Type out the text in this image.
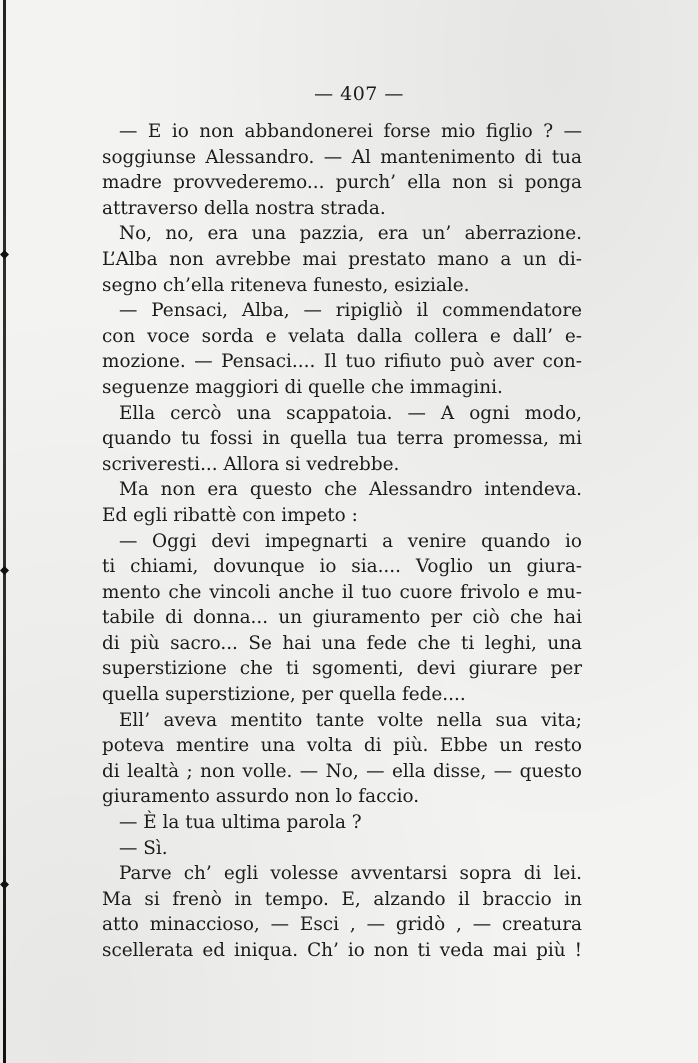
— 407 —
— E io non abbandonerei forse mio figlio ? —
soggiunse Alessandro. — Al mantenimento di tua
madre provvederemo... purch’ ella non si ponga
attraverso della nostra strada.
No, no, era una pazzia, era un’ aberrazione.
L’Alba non avrebbe mai prestato mano a un di-
segno ch’ella riteneva funesto, esiziale.
— Pensaci, Alba, — ripigliò il commendatore
con voce sorda e velata dalla collera e dall’ e-
mozione. — Pensaci.... Il tuo rifiuto può aver con-
seguenze maggiori di quelle che immagini.
Ella cercò una scappatoia. — A ogni modo,
quando tu fossi in quella tua terra promessa, mi
scriveresti... Allora si vedrebbe.
Ma non era questo che Alessandro intendeva.
Ed egli ribattè con impeto :
— Oggi devi impegnarti a venire quando io
ti chiami, dovunque io sia.... Voglio un giura-
mento che vincoli anche il tuo cuore frivolo e mu-
tabile di donna... un giuramento per ciò che hai
di più sacro... Se hai una fede che ti leghi, una
superstizione che ti sgomenti, devi giurare per
quella superstizione, per quella fede....
Ell’ aveva mentito tante volte nella sua vita;
poteva mentire una volta di più. Ebbe un resto
di lealtà ; non volle. — No, — ella disse, — questo
giuramento assurdo non lo faccio.
— È la tua ultima parola ?
— Sì.
Parve ch’ egli volesse avventarsi sopra di lei.
Ma si frenò in tempo. E, alzando il braccio in
atto minaccioso, — Esci , — gridò , — creatura
scellerata ed iniqua. Ch’ io non ti veda mai più !
